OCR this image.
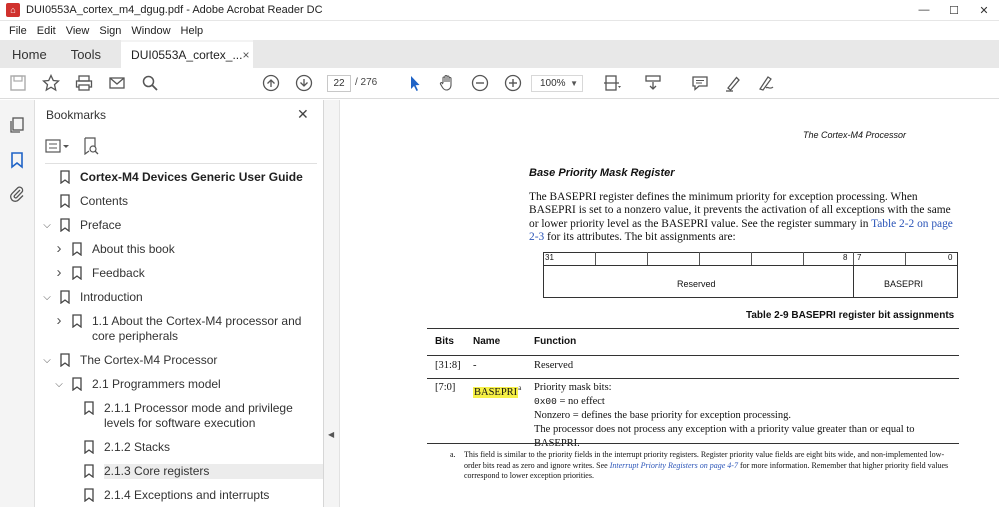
⌂ DUI0553A_cortex_m4_dgug.pdf - Adobe Acrobat Reader DC	—	☐	✕
File Edit View Sign Window Help
Home	Tools	DUI0553A_cortex_... ×
22	/ 276	100% ▼
Bookmarks	✕
Cortex-M4 Devices Generic User Guide
Contents
⌵ Preface
›	About this book
›	Feedback
⌵ Introduction
›	1.1 About the Cortex-M4 processor and core peripherals
⌵ The Cortex-M4 Processor
⌵ 2.1 Programmers model
2.1.1 Processor mode and privilege levels for software execution
2.1.2 Stacks
2.1.3 Core registers
2.1.4 Exceptions and interrupts
◀
The Cortex-M4 Processor
Base Priority Mask Register
The BASEPRI register defines the minimum priority for exception processing. When BASEPRI is set to a nonzero value, it prevents the activation of all exceptions with the same or lower priority level as the BASEPRI value. See the register summary in Table 2-2 on page 2-3 for its attributes. The bit assignments are:
31	8 7	0
Reserved	BASEPRI
Table 2-9 BASEPRI register bit assignments
Bits Name	Function
[31:8] -	Reserved
[7:0] BASEPRI$^a$ Priority mask bits:
0x00 = no effect
Nonzero = defines the base priority for exception processing.
The processor does not process any exception with a priority value greater than or equal to
a. This field is similar to the priority fields in the interrupt priority registers. Register priority value fields are eight bits wide, and non-implemented low-order bits read as zero and ignore writes. See Interrupt Priority Registers on page 4-7 for more information. Remember that higher priority field values correspond to lower exception priorities.
